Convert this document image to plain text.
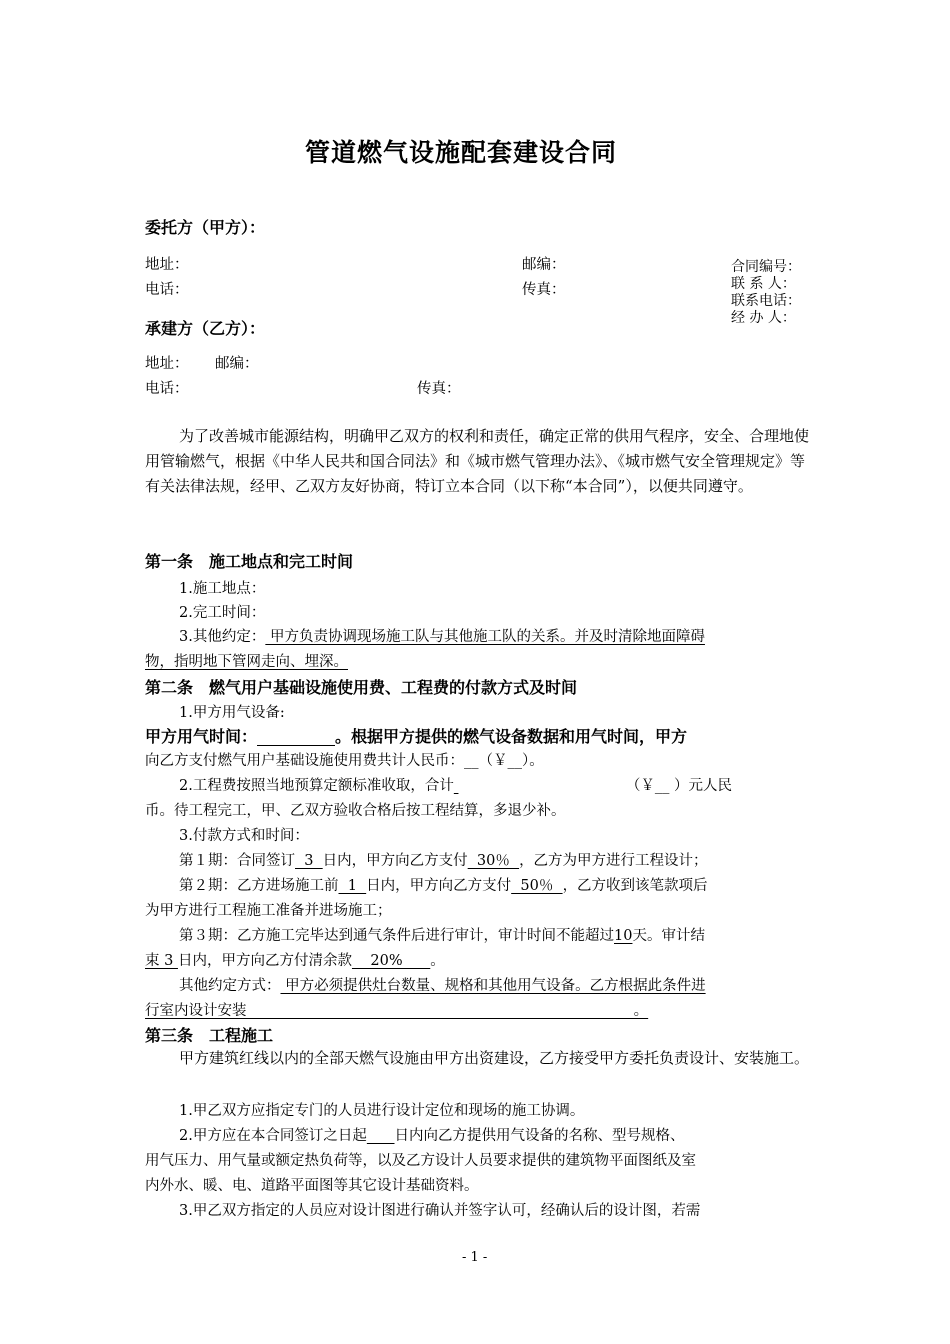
管道燃气设施配套建设合同
委托方（甲方）：
地址：	邮编：
电话：	传真：
合同编号：
联 系 人：
联系电话：
经 办 人：
承建方（乙方）：
地址： 邮编：
电话：	传真：
为了改善城市能源结构，明确甲乙双方的权利和责任，确定正常的供用气程序，安全、合理地使用管输燃气，根据《中华人民共和国合同法》和《城市燃气管理办法》、《城市燃气安全管理规定》等有关法律法规，经甲、乙双方友好协商，特订立本合同（以下称“本合同”），以便共同遵守。
第一条　施工地点和完工时间
1.施工地点：
2.完工时间：
3.其他约定： 甲方负责协调现场施工队与其他施工队的关系。并及时清除地面障碍
物，指明地下管网走向、埋深。
第二条　燃气用户基础设施使用费、工程费的付款方式及时间
1.甲方用气设备:
甲方用气时间：	。根据甲方提供的燃气设备数据和用气时间，甲方
向乙方支付燃气用户基础设施使用费共计人民币：__（￥__）。
2.工程费按照当地预算定额标准收取，合计	（￥__ ）元人民
币。待工程完工，甲、乙双方验收合格后按工程结算，多退少补。
3.付款方式和时间：
第１期：合同签订  3  日内，甲方向乙方支付  30％  ，乙方为甲方进行工程设计；
第２期：乙方进场施工前  1  日内，甲方向乙方支付  50％  ，乙方收到该笔款项后
为甲方进行工程施工准备并进场施工；
第３期：乙方施工完毕达到通气条件后进行审计，审计时间不能超过10天。审计结
束 3 日内，甲方向乙方付清余款    20%      。
其他约定方式： 甲方必须提供灶台数量、规格和其他用气设备。乙方根据此条件进
行室内设计安装                                                                                    。
第三条　工程施工
甲方建筑红线以内的全部天燃气设施由甲方出资建设，乙方接受甲方委托负责设计、安装施工。
1.甲乙双方应指定专门的人员进行设计定位和现场的施工协调。
2.甲方应在本合同签订之日起 日内向乙方提供用气设备的名称、型号规格、
用气压力、用气量或额定热负荷等，以及乙方设计人员要求提供的建筑物平面图纸及室
内外水、暖、电、道路平面图等其它设计基础资料。
3.甲乙双方指定的人员应对设计图进行确认并签字认可，经确认后的设计图，若需
- 1 -
